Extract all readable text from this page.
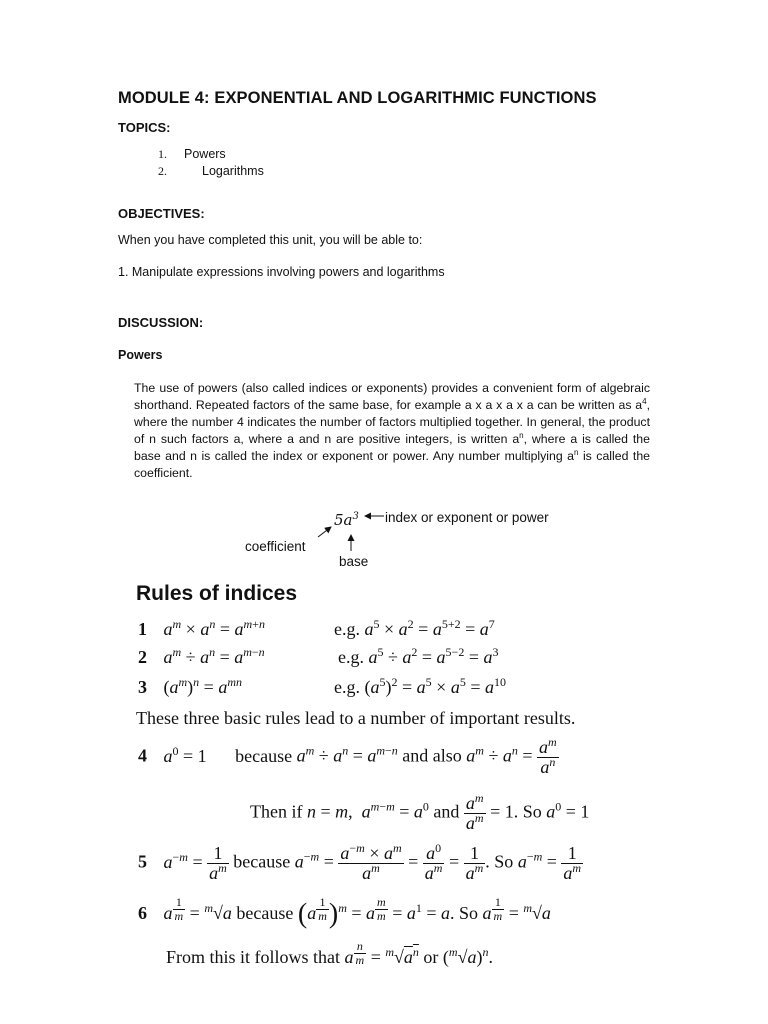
MODULE 4: EXPONENTIAL AND LOGARITHMIC FUNCTIONS
TOPICS:
1. Powers
2.	Logarithms
OBJECTIVES:
When you have completed this unit, you will be able to:
1. Manipulate expressions involving powers and logarithms
DISCUSSION:
Powers
The use of powers (also called indices or exponents) provides a convenient form of algebraic shorthand. Repeated factors of the same base, for example a x a x a x a can be written as $a^4$, where the number 4 indicates the number of factors multiplied together. In general, the product of n such factors a, where a and n are positive integers, is written $a^n$, where a is called the base and n is called the index or exponent or power. Any number multiplying $a^n$ is called the coefficient.
$5a^3$ index or exponent or power
coefficient
base
Rules of indices
1 $a^m \times a^n = a^{m+n}$	e.g. $a^5 \times a^2 = a^{5+2} = a^7$
2 $a^m \div a^n = a^{m-n}$	e.g. $a^5 \div a^2 = a^{5-2} = a^3$
3 $(a^m)^n = a^{mn}$	e.g. $(a^5)^2 = a^5 \times a^5 = a^{10}$
These three basic rules lead to a number of important results.
4 $a^0 = 1$ because $a^m \div a^n = a^{m-n}$ and also $a^m \div a^n = \frac{a^m}{a^n}$
Then if n = m,  $a^{m-m} = a^0$ and $\frac{a^m}{a^m} = 1$. So $a^0 = 1$
5 $a^{-m} = \frac{1}{a^m}$ because $a^{-m} = \frac{a^{-m} \times a^m}{a^m} = \frac{a^0}{a^m} = \frac{1}{a^m}$ . So $a^{-m} = \frac{1}{a^m}$
6 a $^{\frac{1}{m}}$ = $^m$√a because (a $^{\frac{1}{m}}$ )$^m$ = a $^{\frac{m}{m}} = a^1 = a$. So a $^{\frac{1}{m}}$ = $^m$√a
From this it follows that a $^{\frac{n}{m}} = ^m√a^n$ or $(^m√a)^n$.
